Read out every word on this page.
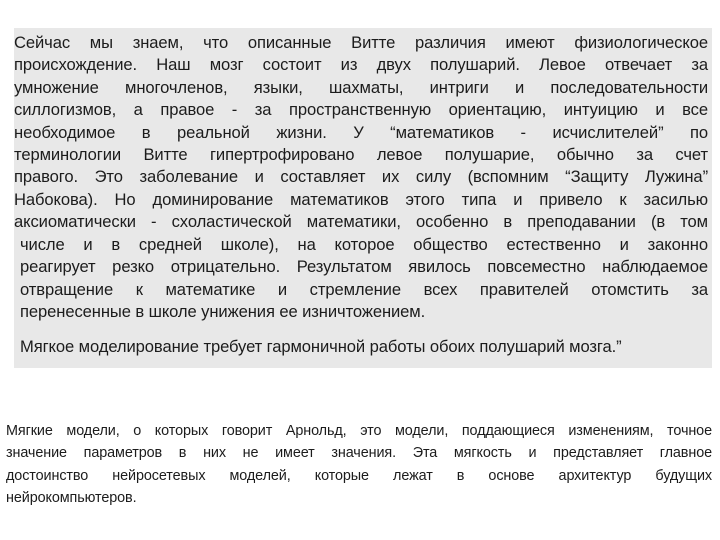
Сейчас мы знаем, что описанные Витте различия имеют физиологическое
происхождение. Наш мозг состоит из двух полушарий. Левое отвечает за
умножение многочленов, языки, шахматы, интриги и последовательности
силлогизмов, а правое - за пространственную ориентацию, интуицию и все
необходимое в реальной жизни. У “математиков - исчислителей” по
терминологии Витте гипертрофировано левое полушарие, обычно за счет
правого. Это заболевание и составляет их силу (вспомним “Защиту Лужина”
Набокова). Но доминирование математиков этого типа и привело к засилью
аксиоматически - схоластической математики, особенно в преподавании (в том
числе и в средней школе), на которое общество естественно и законно
реагирует резко отрицательно. Результатом явилось повсеместно наблюдаемое
отвращение к математике и стремление всех правителей отомстить за
перенесенные в школе унижения ее изничтожением.
Мягкое моделирование требует гармоничной работы обоих полушарий мозга.”
Мягкие модели, о которых говорит Арнольд, это модели, поддающиеся изменениям, точное
значение параметров в них не имеет значения. Эта мягкость и представляет главное
достоинство нейросетевых моделей, которые лежат в основе архитектур будущих
нейрокомпьютеров.
